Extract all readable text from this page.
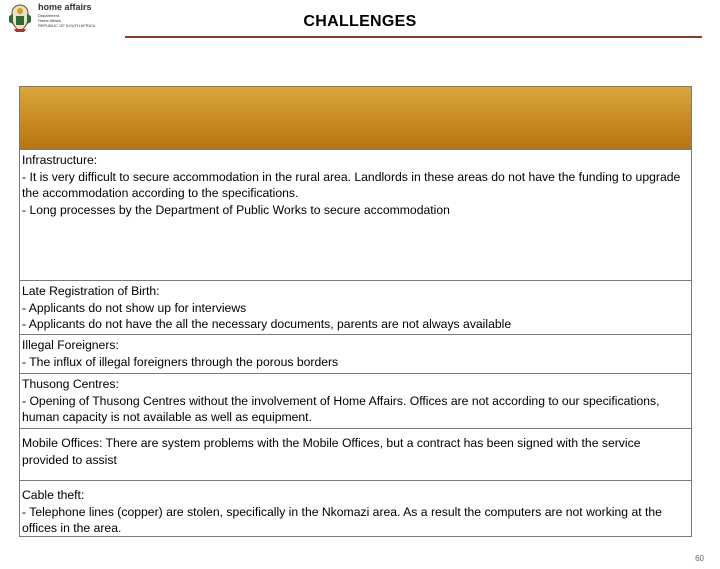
home affairs
Department:
Home Affairs
REPUBLIC OF SOUTH AFRICA	CHALLENGES
Infrastructure:
- It is very difficult to secure accommodation in the rural area. Landlords in these areas do not have the funding to upgrade the accommodation according to the specifications.
- Long processes by the Department of Public Works to secure accommodation
Late Registration of Birth:
- Applicants do not show up for interviews
- Applicants do not have the all the necessary documents, parents are not always available
Illegal Foreigners:
- The influx of illegal foreigners through the porous borders
Thusong Centres:
- Opening of Thusong Centres without the involvement of Home Affairs. Offices are not according to our specifications, human capacity is not available as well as equipment.
Mobile Offices: There are system problems with the Mobile Offices, but a contract has been signed with the service provided to assist
Cable theft:
- Telephone lines (copper) are stolen, specifically in the Nkomazi area. As a result the computers are not working at the offices in the area.
60
